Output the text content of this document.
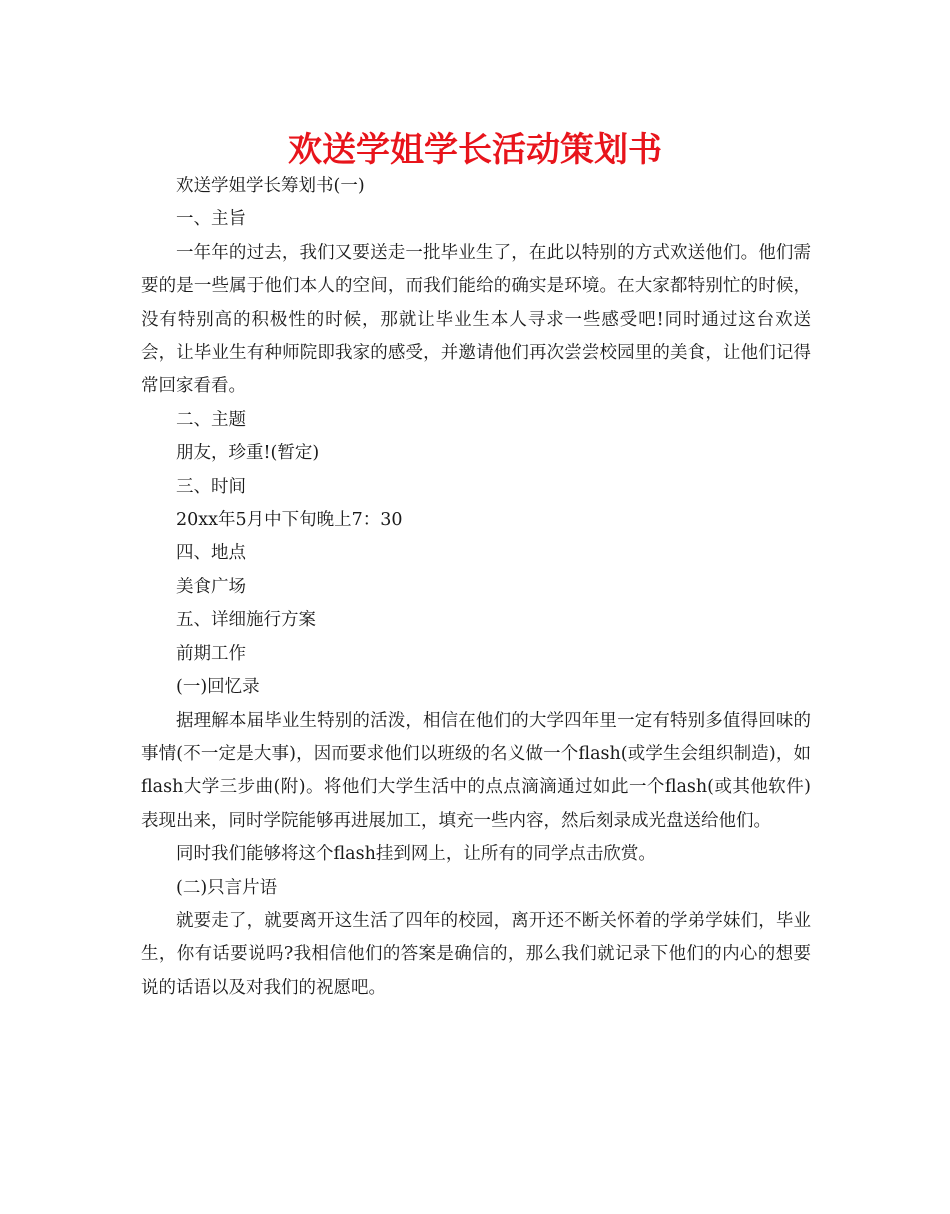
欢送学姐学长活动策划书

欢送学姐学长筹划书(一)

一、主旨

一年年的过去，我们又要送走一批毕业生了，在此以特别的方式欢送他们。他们需要的是一些属于他们本人的空间，而我们能给的确实是环境。在大家都特别忙的时候，没有特别高的积极性的时候，那就让毕业生本人寻求一些感受吧!同时通过这台欢送会，让毕业生有种师院即我家的感受，并邀请他们再次尝尝校园里的美食，让他们记得常回家看看。

二、主题

朋友，珍重!(暂定)

三、时间

20xx年5月中下旬晚上7：30

四、地点

美食广场

五、详细施行方案

前期工作

(一)回忆录

据理解本届毕业生特别的活泼，相信在他们的大学四年里一定有特别多值得回味的事情(不一定是大事)，因而要求他们以班级的名义做一个flash(或学生会组织制造)，如flash大学三步曲(附)。将他们大学生活中的点点滴滴通过如此一个flash(或其他软件)表现出来，同时学院能够再进展加工，填充一些内容，然后刻录成光盘送给他们。

同时我们能够将这个flash挂到网上，让所有的同学点击欣赏。

(二)只言片语

就要走了，就要离开这生活了四年的校园，离开还不断关怀着的学弟学妹们，毕业生，你有话要说吗?我相信他们的答案是确信的，那么我们就记录下他们的内心的想要说的话语以及对我们的祝愿吧。
